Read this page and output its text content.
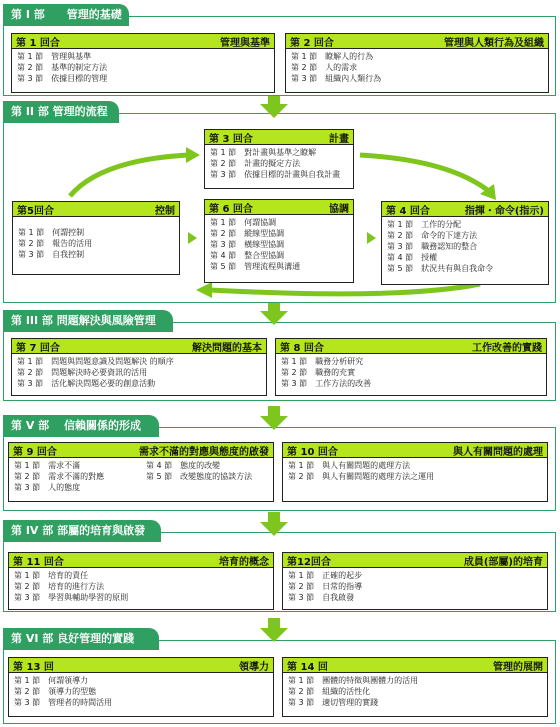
第 I 部　　管理的基礎
第 II 部 管理的流程
第 III 部 問題解決與風險管理
第 V 部　 信賴關係的形成
第 IV 部 部屬的培育與啟發
第 VI 部 良好管理的實踐
第 1 回合	管理與基準
第 1 節　管理與基準
第 2 節　基準的制定方法
第 3 節　依據目標的管理
第 2 回合	管理與人類行為及組織
第 1 節　瞭解人的行為
第 2 節　人的需求
第 3 節　組織內人類行為
第 3 回合	計畫
第 1 節　對計畫與基準之瞭解
第 2 節　計畫的擬定方法
第 3 節　依據目標的計畫與自我計畫
第5回合	控制
第 1 節　何謂控制
第 2 節　報告的活用
第 3 節　自我控制
第 6 回合	協調
第 1 節　何謂協調
第 2 節　縱線型協調
第 3 節　橫線型協調
第 4 節　整合型協調
第 5 節　管理流程與溝通
第 4 回合	指揮・命令(指示)
第 1 節　工作的分配
第 2 節　命令的下達方法
第 3 節　職務認知的整合
第 4 節　授權
第 5 節　狀況共有與自我命令
第 7 回合	解決問題的基本
第 1 節　問題與問題意識及問題解決 的順序
第 2 節　問題解決時必要資訊的活用
第 3 節　活化解決問題必要的創意活動
第 8 回合	工作改善的實踐
第 1 節　職務分析研究
第 2 節　職務的充實
第 3 節　工作方法的改善
第 9 回合	需求不滿的對應與態度的啟發
第 1 節　需求不滿
第 2 節　需求不滿的對應
第 3 節　人的態度
第 4 節　態度的改變
第 5 節　改變態度的協談方法
第 10 回合	與人有關問題的處理
第 1 節　與人有關問題的處理方法
第 2 節　與人有關問題的處理方法之運用
第 11 回合	培育的概念
第 1 節　培育的責任
第 2 節　培育的進行方法
第 3 節　學習與輔助學習的原則
第12回合	成員(部屬)的培育
第 1 節　正確的起步
第 2 節　日常的指導
第 3 節　自我啟發
第 13 回	領導力
第 1 節　何謂領導力
第 2 節　領導力的型態
第 3 節　管理者的時間活用
第 14 回	管理的展開
第 1 節　團體的特徵與團體力的活用
第 2 節　組織的活性化
第 3 節　適切管理的實踐
